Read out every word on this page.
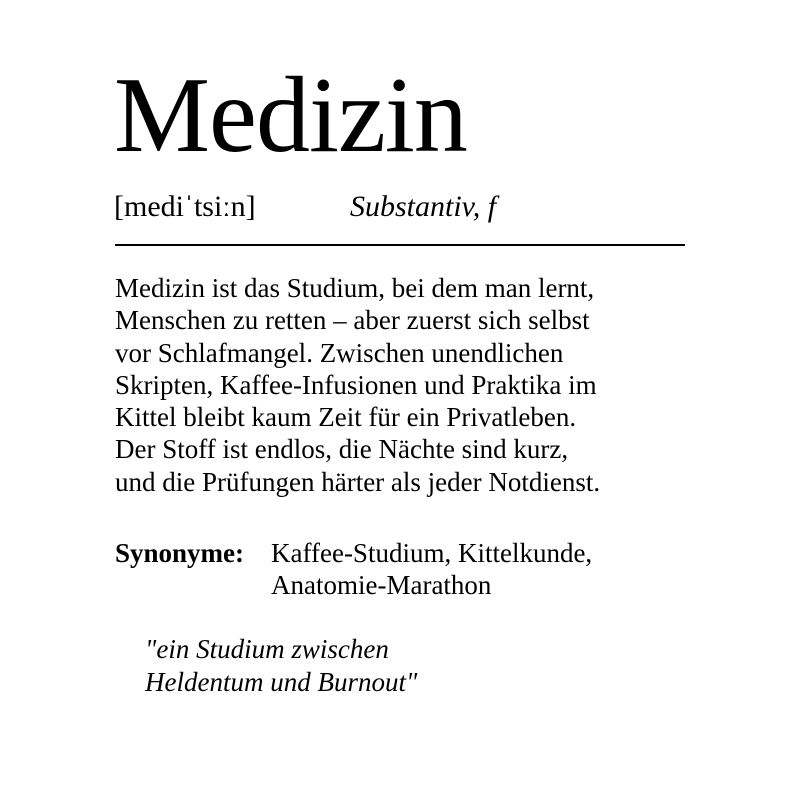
Medizin
[mediˈtsiːn]	Substantiv, f
Medizin ist das Studium, bei dem man lernt,
Menschen zu retten – aber zuerst sich selbst
vor Schlafmangel. Zwischen unendlichen
Skripten, Kaffee-Infusionen und Praktika im
Kittel bleibt kaum Zeit für ein Privatleben.
Der Stoff ist endlos, die Nächte sind kurz,
und die Prüfungen härter als jeder Notdienst.
Synonyme: Kaffee-Studium, Kittelkunde,
Anatomie-Marathon
"ein Studium zwischen
Heldentum und Burnout"
